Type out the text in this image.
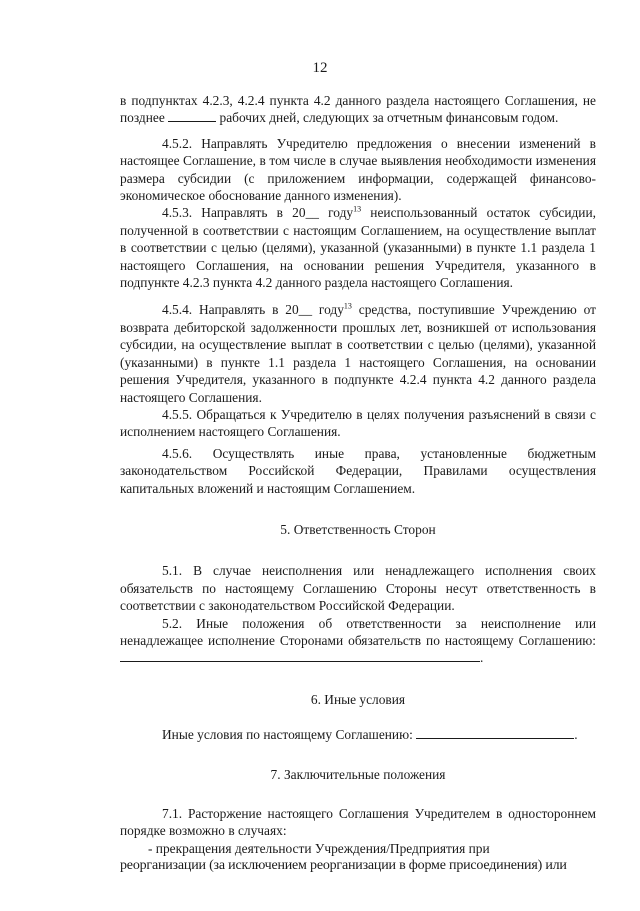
12

в подпунктах 4.2.3, 4.2.4 пункта 4.2 данного раздела настоящего Соглашения, не позднее	рабочих дней, следующих за отчетным финансовым годом.

4.5.2. Направлять Учредителю предложения о внесении изменений в настоящее Соглашение, в том числе в случае выявления необходимости изменения размера субсидии (с приложением информации, содержащей финансово-экономическое обоснование данного изменения).

4.5.3. Направлять в 20__ году$^{13}$ неиспользованный остаток субсидии, полученной в соответствии с настоящим Соглашением, на осуществление выплат в соответствии с целью (целями), указанной (указанными) в пункте 1.1 раздела 1 настоящего Соглашения, на основании решения Учредителя, указанного в подпункте 4.2.3 пункта 4.2 данного раздела настоящего Соглашения.

4.5.4. Направлять в 20__ году$^{13}$ средства, поступившие Учреждению от возврата дебиторской задолженности прошлых лет, возникшей от использования субсидии, на осуществление выплат в соответствии с целью (целями), указанной (указанными) в пункте 1.1 раздела 1 настоящего Соглашения, на основании решения Учредителя, указанного в подпункте 4.2.4 пункта 4.2 данного раздела настоящего Соглашения.

4.5.5. Обращаться к Учредителю в целях получения разъяснений в связи с исполнением настоящего Соглашения.

4.5.6. Осуществлять иные права, установленные бюджетным законодательством Российской Федерации, Правилами осуществления капитальных вложений и настоящим Соглашением.

5. Ответственность Сторон

5.1. В случае неисполнения или ненадлежащего исполнения своих обязательств по настоящему Соглашению Стороны несут ответственность в соответствии с законодательством Российской Федерации.

5.2. Иные положения об ответственности за неисполнение или ненадлежащее исполнение Сторонами обязательств по настоящему Соглашению: .

6. Иные условия

Иные условия по настоящему Соглашению:	.

7. Заключительные положения

7.1. Расторжение настоящего Соглашения Учредителем в одностороннем порядке возможно в случаях:

- прекращения деятельности Учреждения/Предприятия при

реорганизации (за исключением реорганизации в форме присоединения) или
